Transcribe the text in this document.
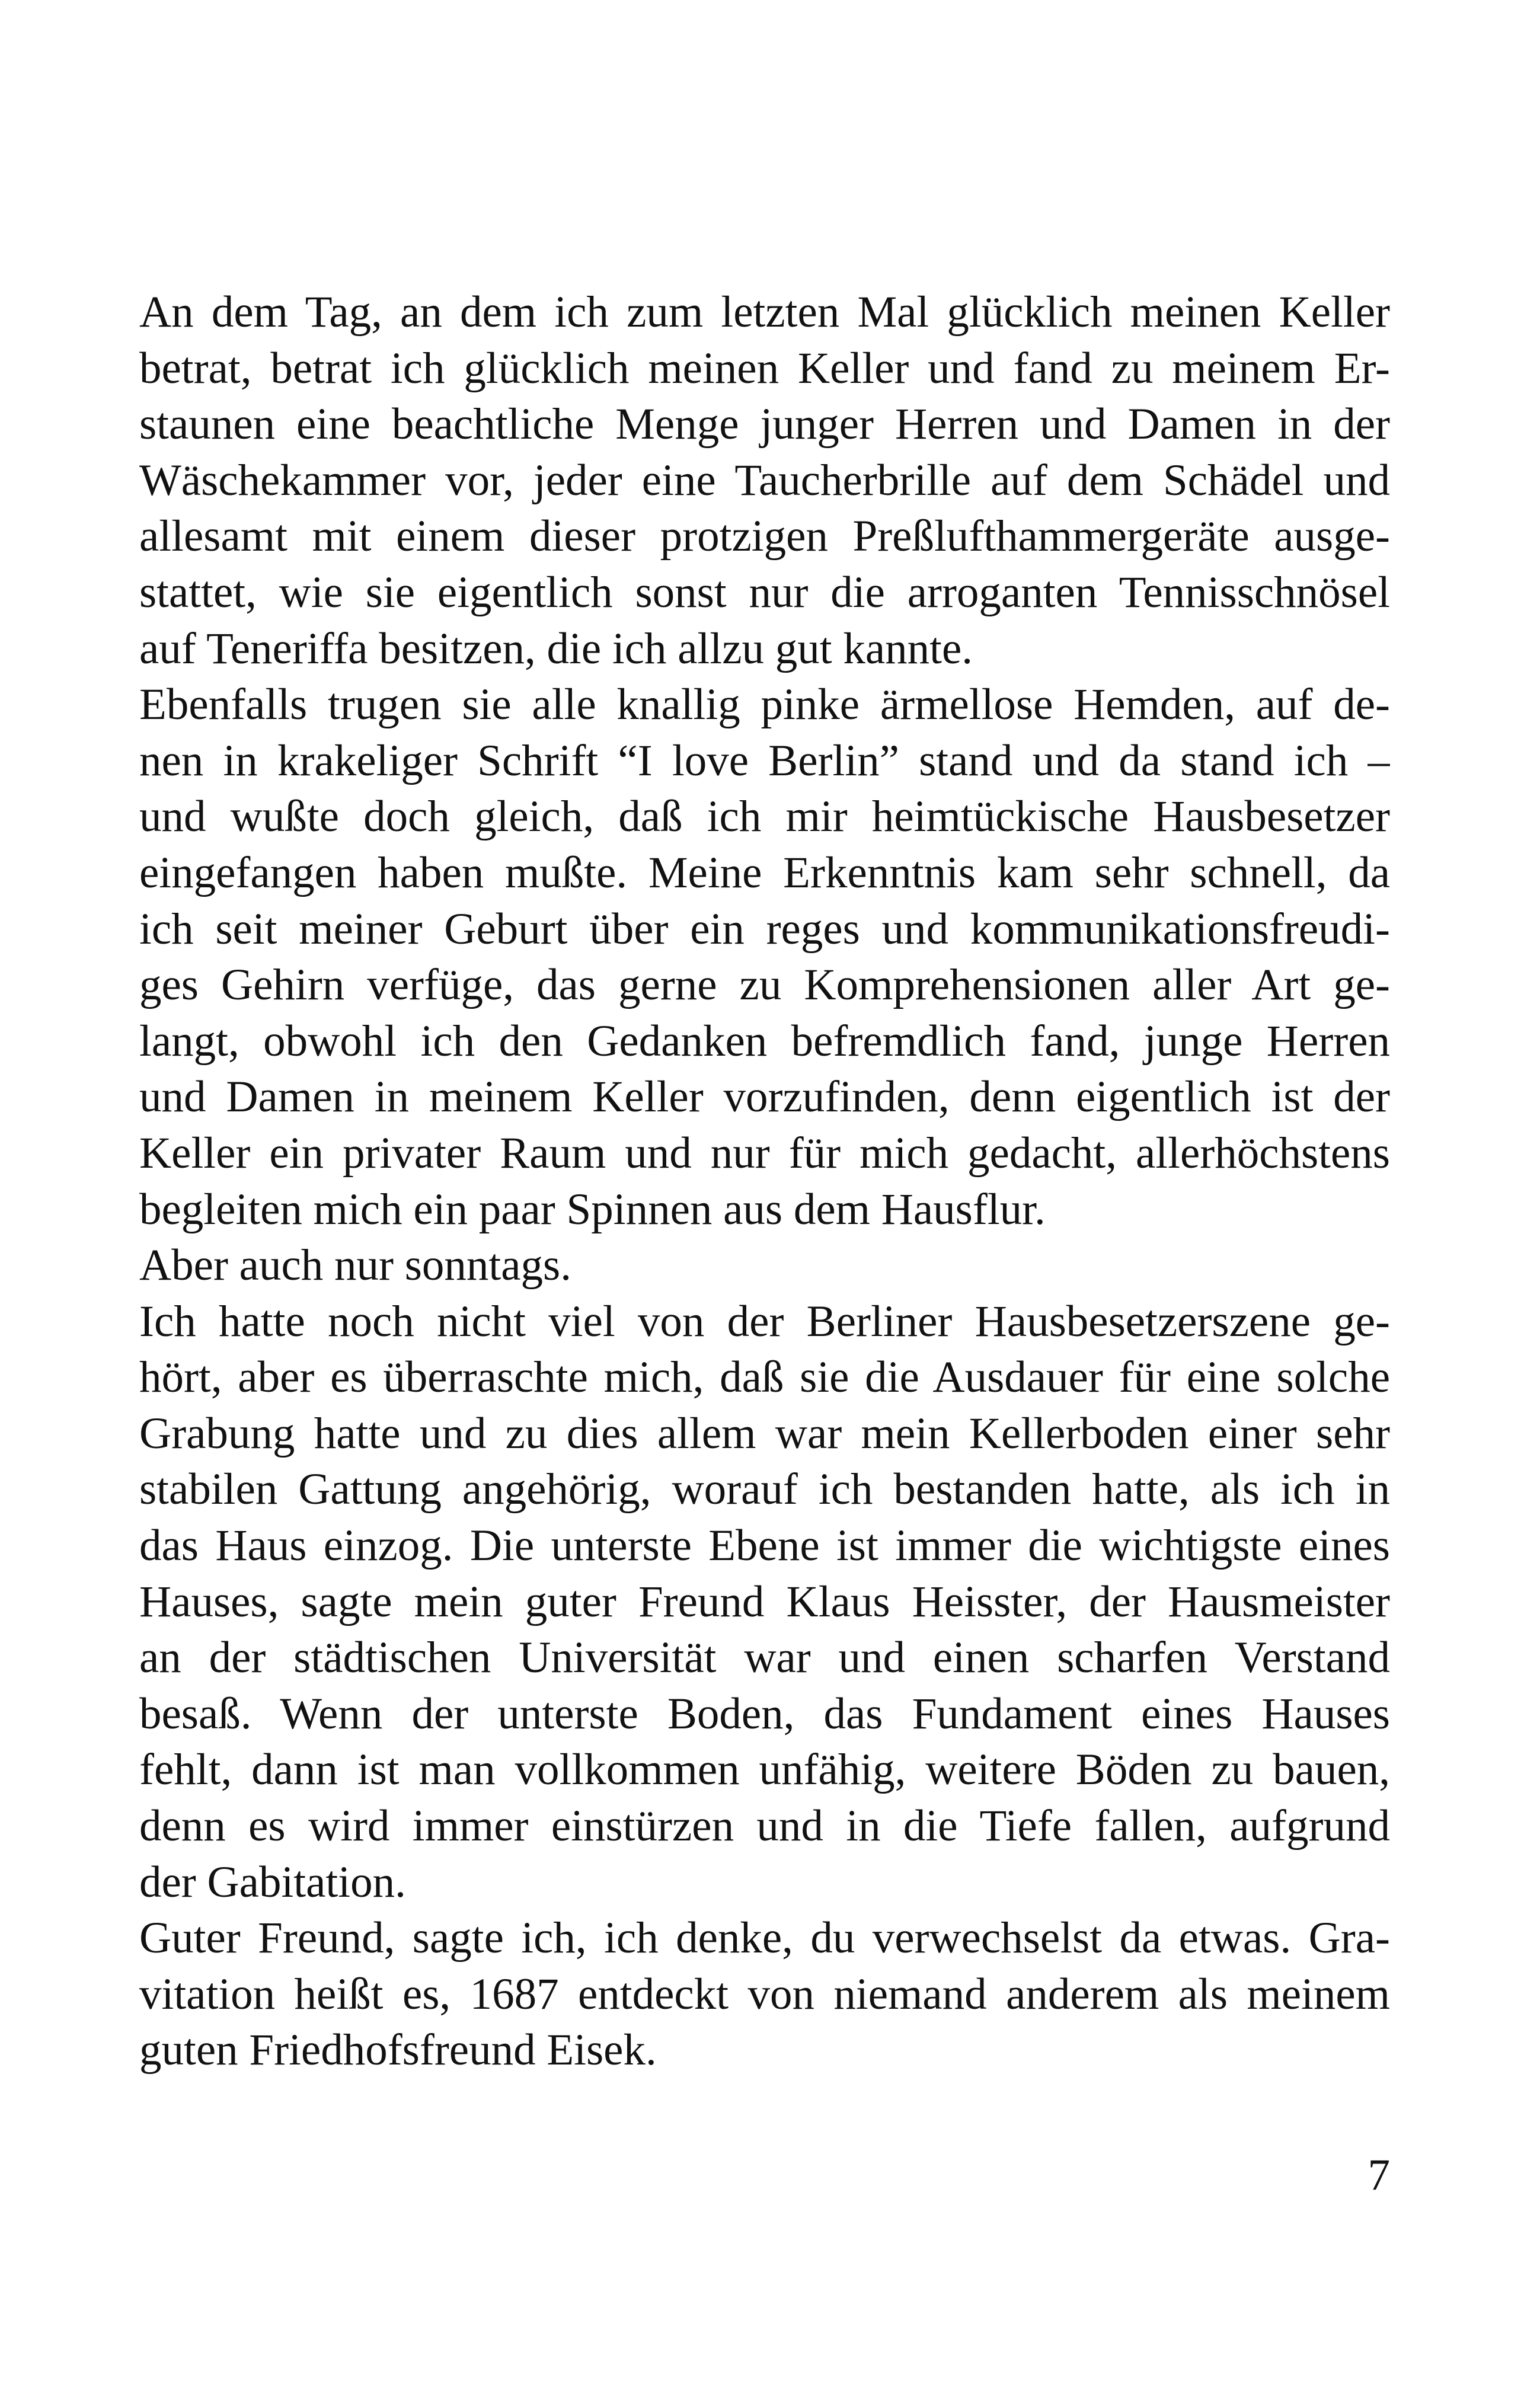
An dem Tag, an dem ich zum letzten Mal glücklich meinen Keller
betrat, betrat ich glücklich meinen Keller und fand zu meinem Er-
staunen eine beachtliche Menge junger Herren und Damen in der
Wäschekammer vor, jeder eine Taucherbrille auf dem Schädel und
allesamt mit einem dieser protzigen Preßlufthammergeräte ausge-
stattet, wie sie eigentlich sonst nur die arroganten Tennisschnösel
auf Teneriffa besitzen, die ich allzu gut kannte.
Ebenfalls trugen sie alle knallig pinke ärmellose Hemden, auf de-
nen in krakeliger Schrift “I love Berlin” stand und da stand ich –
und wußte doch gleich, daß ich mir heimtückische Hausbesetzer
eingefangen haben mußte. Meine Erkenntnis kam sehr schnell, da
ich seit meiner Geburt über ein reges und kommunikationsfreudi-
ges Gehirn verfüge, das gerne zu Komprehensionen aller Art ge-
langt, obwohl ich den Gedanken befremdlich fand, junge Herren
und Damen in meinem Keller vorzufinden, denn eigentlich ist der
Keller ein privater Raum und nur für mich gedacht, allerhöchstens
begleiten mich ein paar Spinnen aus dem Hausflur.
Aber auch nur sonntags.
Ich hatte noch nicht viel von der Berliner Hausbesetzerszene ge-
hört, aber es überraschte mich, daß sie die Ausdauer für eine solche
Grabung hatte und zu dies allem war mein Kellerboden einer sehr
stabilen Gattung angehörig, worauf ich bestanden hatte, als ich in
das Haus einzog. Die unterste Ebene ist immer die wichtigste eines
Hauses, sagte mein guter Freund Klaus Heisster, der Hausmeister
an der städtischen Universität war und einen scharfen Verstand
besaß. Wenn der unterste Boden, das Fundament eines Hauses
fehlt, dann ist man vollkommen unfähig, weitere Böden zu bauen,
denn es wird immer einstürzen und in die Tiefe fallen, aufgrund
der Gabitation.
Guter Freund, sagte ich, ich denke, du verwechselst da etwas. Gra-
vitation heißt es, 1687 entdeckt von niemand anderem als meinem
guten Friedhofsfreund Eisek.
7
